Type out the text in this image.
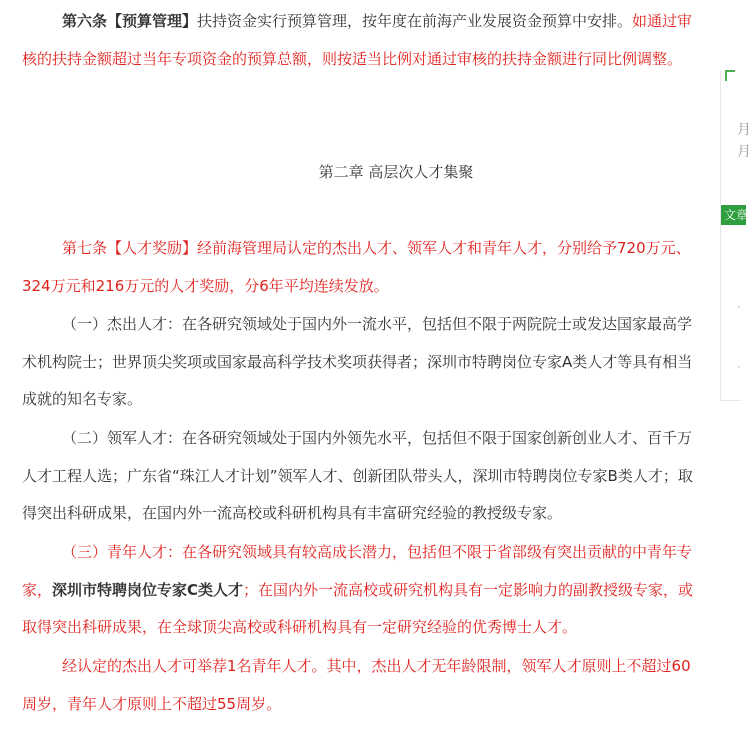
第六条【预算管理】扶持资金实行预算管理，按年度在前海产业发展资金预算中安排。如通过审核的扶持金额超过当年专项资金的预算总额，则按适当比例对通过审核的扶持金额进行同比例调整。

第二章 高层次人才集聚

第七条【人才奖励】经前海管理局认定的杰出人才、领军人才和青年人才，分别给予720万元、324万元和216万元的人才奖励，分6年平均连续发放。

（一）杰出人才：在各研究领域处于国内外一流水平，包括但不限于两院院士或发达国家最高学术机构院士；世界顶尖奖项或国家最高科学技术奖项获得者；深圳市特聘岗位专家A类人才等具有相当成就的知名专家。

（二）领军人才：在各研究领域处于国内外领先水平，包括但不限于国家创新创业人才、百千万人才工程人选；广东省“珠江人才计划”领军人才、创新团队带头人，深圳市特聘岗位专家B类人才；取得突出科研成果，在国内外一流高校或科研机构具有丰富研究经验的教授级专家。

（三）青年人才：在各研究领域具有较高成长潜力，包括但不限于省部级有突出贡献的中青年专家，深圳市特聘岗位专家C类人才；在国内外一流高校或研究机构具有一定影响力的副教授级专家，或取得突出科研成果，在全球顶尖高校或科研机构具有一定研究经验的优秀博士人才。

经认定的杰出人才可举荐1名青年人才。其中，杰出人才无年龄限制，领军人才原则上不超过60周岁，青年人才原则上不超过55周岁。

月
月
文章
·
·
